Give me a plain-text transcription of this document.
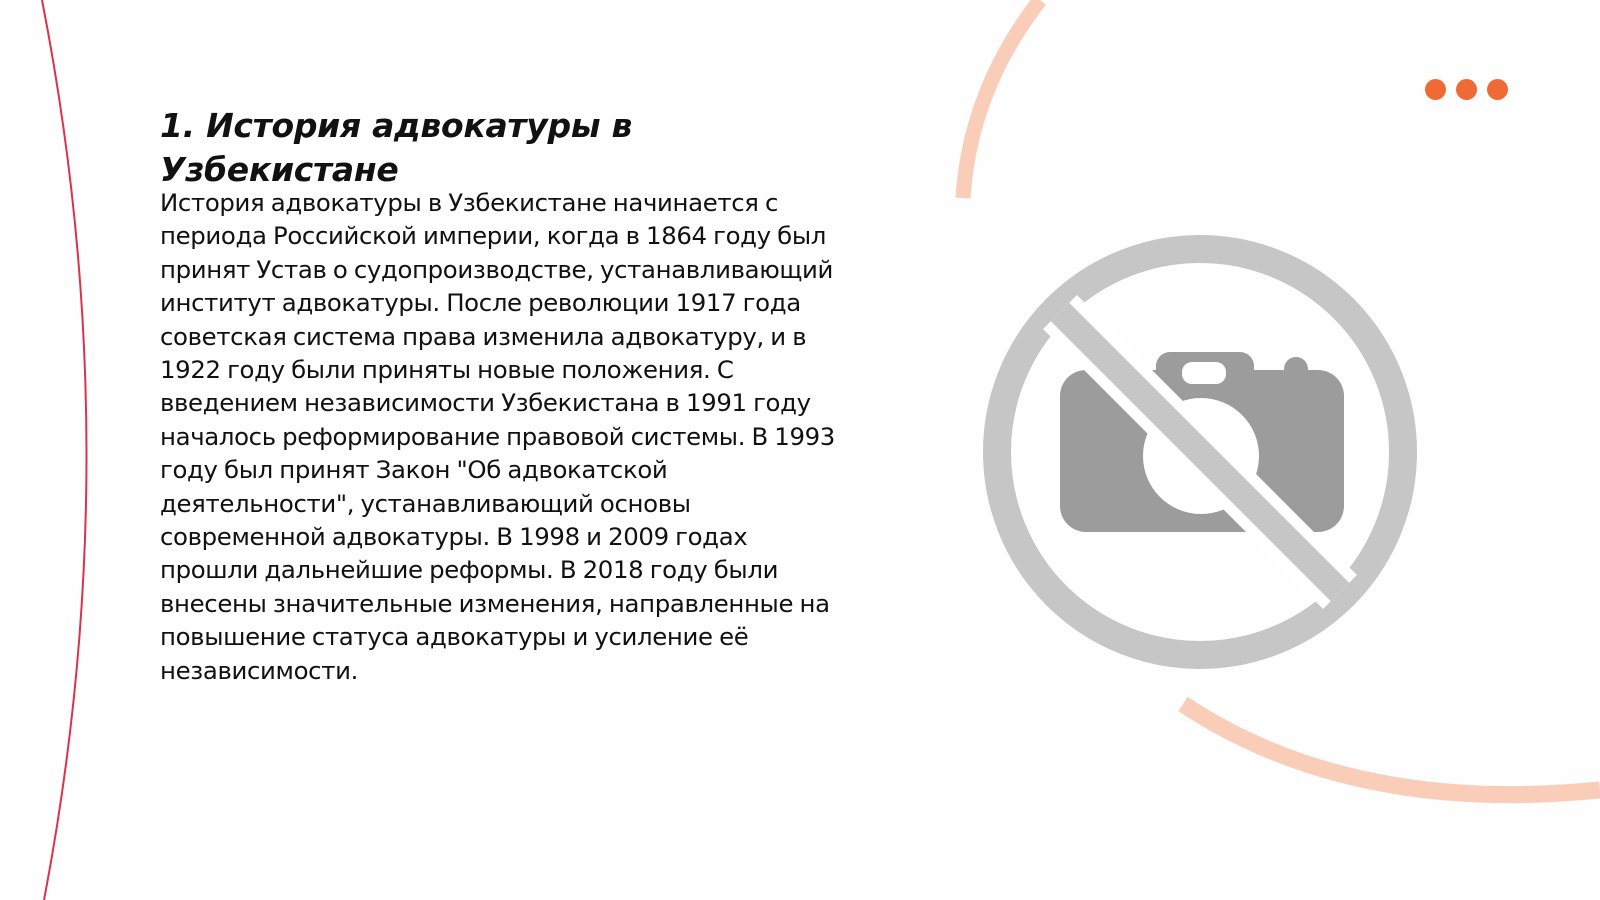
1. История адвокатуры в Узбекистане

История адвокатуры в Узбекистане начинается с периода Российской империи, когда в 1864 году был принят Устав о судопроизводстве, устанавливающий институт адвокатуры. После революции 1917 года советская система права изменила адвокатуру, и в 1922 году были приняты новые положения. С введением независимости Узбекистана в 1991 году началось реформирование правовой системы. В 1993 году был принят Закон "Об адвокатской деятельности", устанавливающий основы современной адвокатуры. В 1998 и 2009 годах прошли дальнейшие реформы. В 2018 году были внесены значительные изменения, направленные на повышение статуса адвокатуры и усиление её независимости.
